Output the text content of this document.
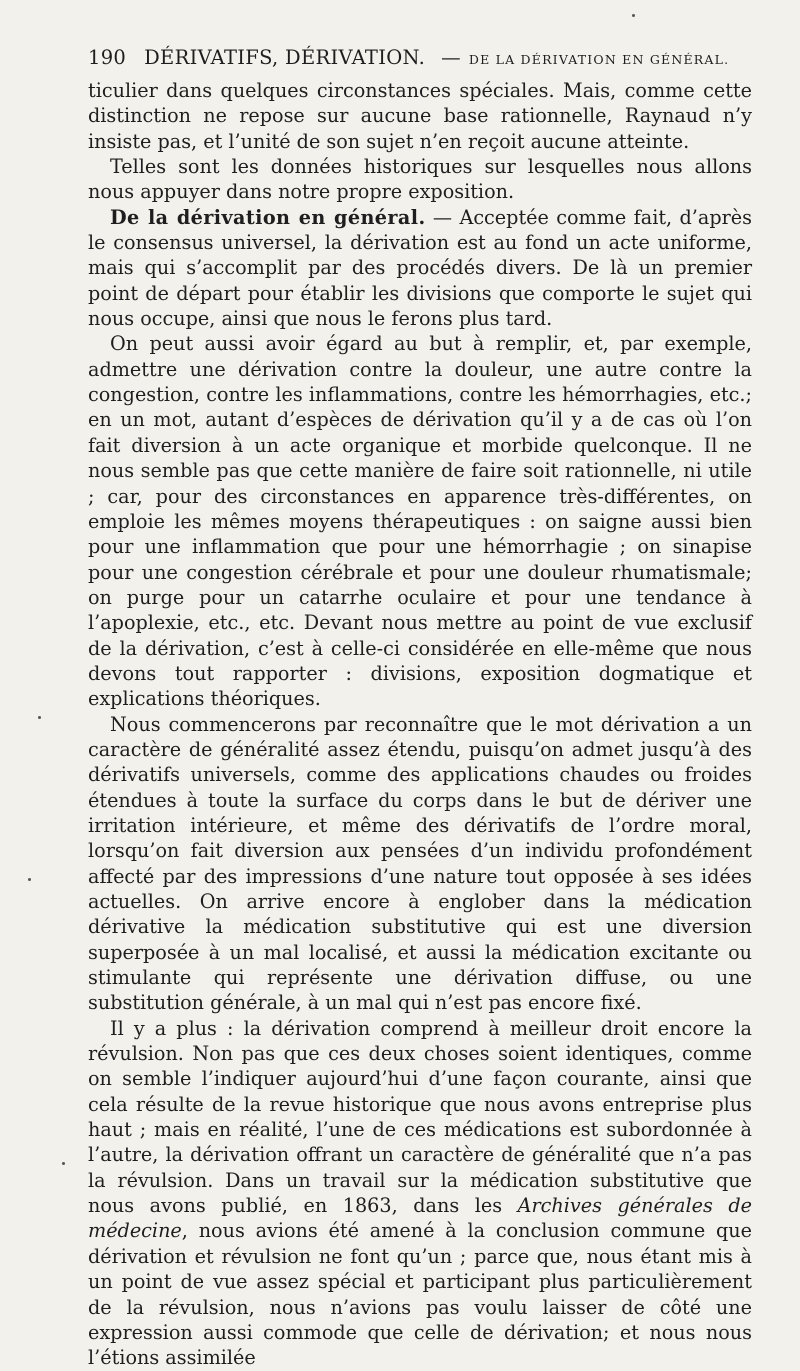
190 DÉRIVATIFS, DÉRIVATION. — DE LA DÉRIVATION EN GÉNÉRAL.

ticulier dans quelques circonstances spéciales. Mais, comme cette distinction ne repose sur aucune base rationnelle, Raynaud n’y insiste pas, et l’unité de son sujet n’en reçoit aucune atteinte.

Telles sont les données historiques sur lesquelles nous allons nous appuyer dans notre propre exposition.

De la dérivation en général. — Acceptée comme fait, d’après le consensus universel, la dérivation est au fond un acte uniforme, mais qui s’accomplit par des procédés divers. De là un premier point de départ pour établir les divisions que comporte le sujet qui nous occupe, ainsi que nous le ferons plus tard.

On peut aussi avoir égard au but à remplir, et, par exemple, admettre une dérivation contre la douleur, une autre contre la congestion, contre les inflammations, contre les hémorrhagies, etc.; en un mot, autant d’espèces de dérivation qu’il y a de cas où l’on fait diversion à un acte organique et morbide quelconque. Il ne nous semble pas que cette manière de faire soit rationnelle, ni utile ; car, pour des circonstances en apparence très-différentes, on emploie les mêmes moyens thérapeutiques : on saigne aussi bien pour une inflammation que pour une hémorrhagie ; on sinapise pour une congestion cérébrale et pour une douleur rhumatismale; on purge pour un catarrhe oculaire et pour une tendance à l’apoplexie, etc., etc. Devant nous mettre au point de vue exclusif de la dérivation, c’est à celle-ci considérée en elle-même que nous devons tout rapporter : divisions, exposition dogmatique et explications théoriques.

Nous commencerons par reconnaître que le mot dérivation a un caractère de généralité assez étendu, puisqu’on admet jusqu’à des dérivatifs universels, comme des applications chaudes ou froides étendues à toute la surface du corps dans le but de dériver une irritation intérieure, et même des dérivatifs de l’ordre moral, lorsqu’on fait diversion aux pensées d’un individu profondément affecté par des impressions d’une nature tout opposée à ses idées actuelles. On arrive encore à englober dans la médication dérivative la médication substitutive qui est une diversion superposée à un mal localisé, et aussi la médication excitante ou stimulante qui représente une dérivation diffuse, ou une substitution générale, à un mal qui n’est pas encore fixé.

Il y a plus : la dérivation comprend à meilleur droit encore la révulsion. Non pas que ces deux choses soient identiques, comme on semble l’indiquer aujourd’hui d’une façon courante, ainsi que cela résulte de la revue historique que nous avons entreprise plus haut ; mais en réalité, l’une de ces médications est subordonnée à l’autre, la dérivation offrant un caractère de généralité que n’a pas la révulsion. Dans un travail sur la médication substitutive que nous avons publié, en 1863, dans les Archives générales de médecine, nous avions été amené à la conclusion commune que dérivation et révulsion ne font qu’un ; parce que, nous étant mis à un point de vue assez spécial et participant plus particulièrement de la révulsion, nous n’avions pas voulu laisser de côté une expression aussi commode que celle de dérivation; et nous nous l’étions assimilée
